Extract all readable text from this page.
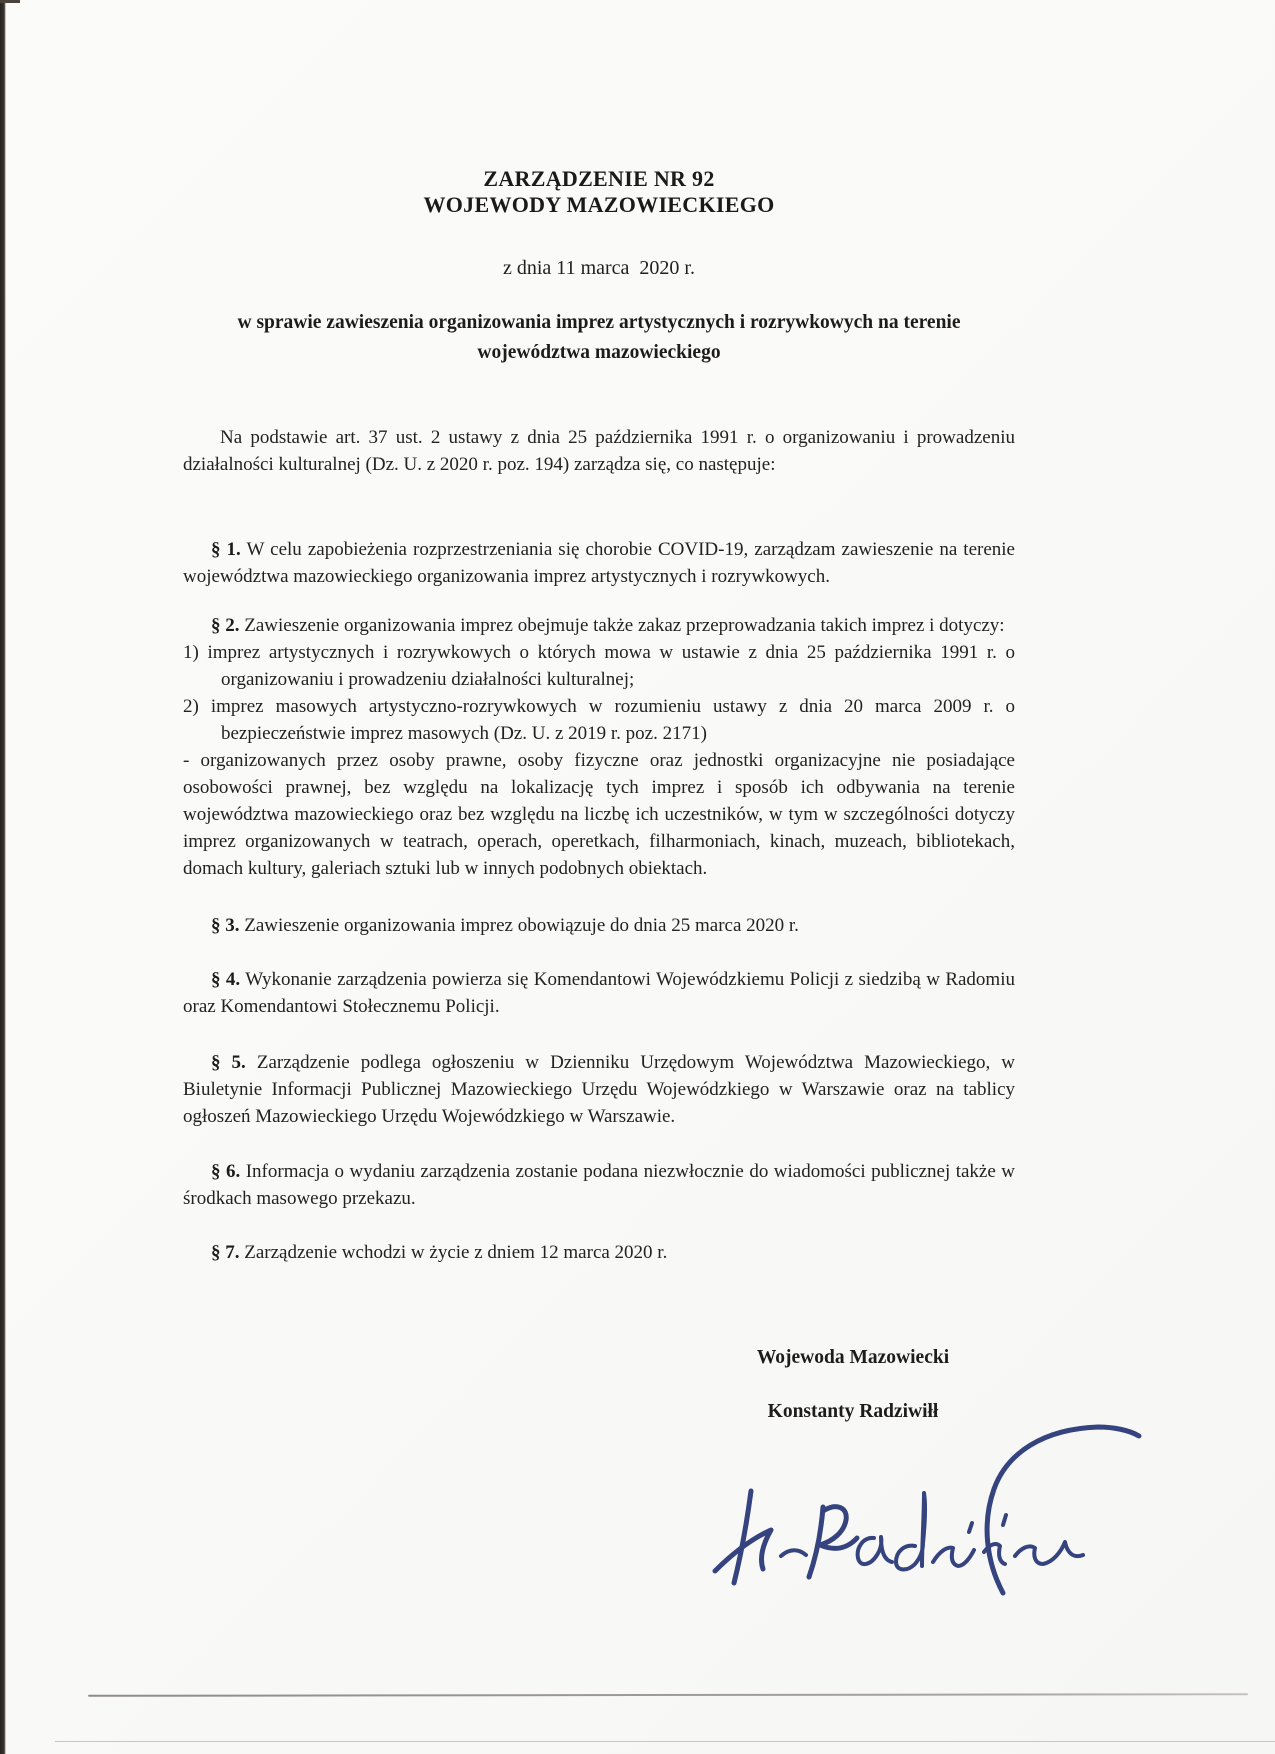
ZARZĄDZENIE NR 92
WOJEWODY MAZOWIECKIEGO
z dnia 11 marca  2020 r.
w sprawie zawieszenia organizowania imprez artystycznych i rozrywkowych na terenie województwa mazowieckiego

Na podstawie art. 37 ust. 2 ustawy z dnia 25 października 1991 r. o organizowaniu i prowadzeniu działalności kulturalnej (Dz. U. z 2020 r. poz. 194) zarządza się, co następuje:

§ 1. W celu zapobieżenia rozprzestrzeniania się chorobie COVID-19, zarządzam zawieszenie na terenie województwa mazowieckiego organizowania imprez artystycznych i rozrywkowych.

§ 2. Zawieszenie organizowania imprez obejmuje także zakaz przeprowadzania takich imprez i dotyczy:

1) imprez artystycznych i rozrywkowych o których mowa w ustawie z dnia 25 października 1991 r. o organizowaniu i prowadzeniu działalności kulturalnej;

2) imprez masowych artystyczno-rozrywkowych w rozumieniu ustawy z dnia 20 marca 2009 r. o bezpieczeństwie imprez masowych (Dz. U. z 2019 r. poz. 2171)

- organizowanych przez osoby prawne, osoby fizyczne oraz jednostki organizacyjne nie posiadające osobowości prawnej, bez względu na lokalizację tych imprez i sposób ich odbywania na terenie województwa mazowieckiego oraz bez względu na liczbę ich uczestników, w tym w szczególności dotyczy imprez organizowanych w teatrach, operach, operetkach, filharmoniach, kinach, muzeach, bibliotekach, domach kultury, galeriach sztuki lub w innych podobnych obiektach.

§ 3. Zawieszenie organizowania imprez obowiązuje do dnia 25 marca 2020 r.

§ 4. Wykonanie zarządzenia powierza się Komendantowi Wojewódzkiemu Policji z siedzibą w Radomiu oraz Komendantowi Stołecznemu Policji.

§ 5. Zarządzenie podlega ogłoszeniu w Dzienniku Urzędowym Województwa Mazowieckiego, w Biuletynie Informacji Publicznej Mazowieckiego Urzędu Wojewódzkiego w Warszawie oraz na tablicy ogłoszeń Mazowieckiego Urzędu Wojewódzkiego w Warszawie.

§ 6. Informacja o wydaniu zarządzenia zostanie podana niezwłocznie do wiadomości publicznej także w środkach masowego przekazu.

§ 7. Zarządzenie wchodzi w życie z dniem 12 marca 2020 r.

Wojewoda Mazowiecki
Konstanty Radziwiłł
